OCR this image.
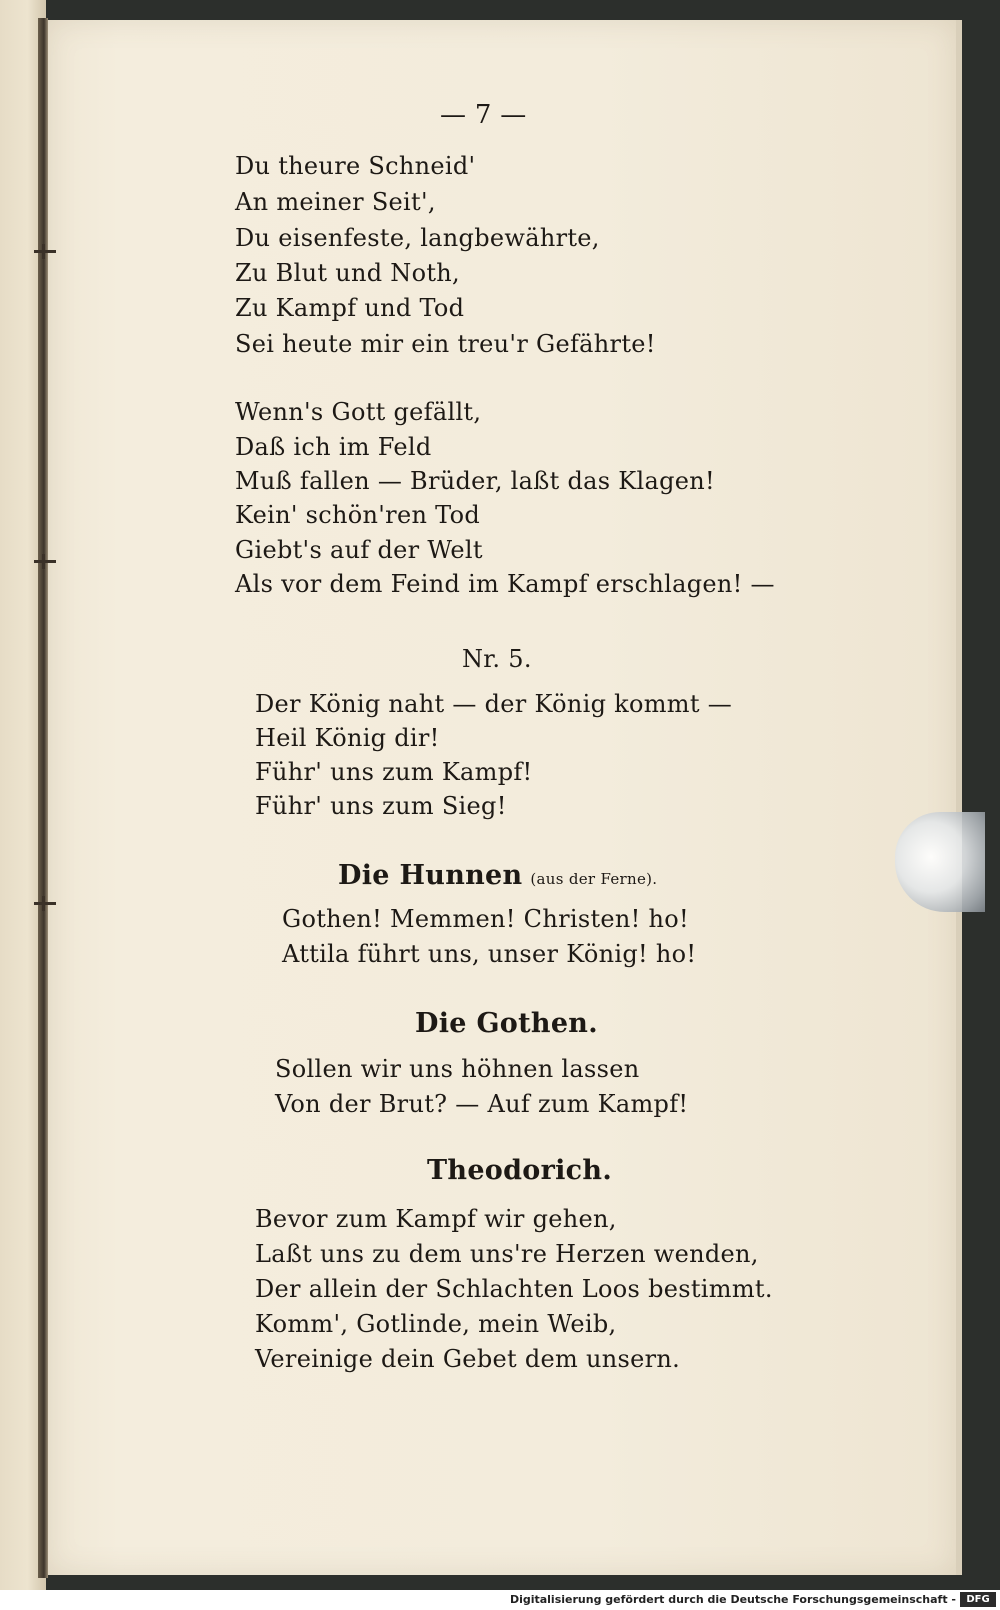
— 7 —
Du theure Schneid'
An meiner Seit',
Du eisenfeste, langbewährte,
Zu Blut und Noth,
Zu Kampf und Tod
Sei heute mir ein treu'r Gefährte!
Wenn's Gott gefällt,
Daß ich im Feld
Muß fallen — Brüder, laßt das Klagen!
Kein' schön'ren Tod
Giebt's auf der Welt
Als vor dem Feind im Kampf erschlagen! —
Nr. 5.
Der König naht — der König kommt —
Heil König dir!
Führ' uns zum Kampf!
Führ' uns zum Sieg!
Die Hunnen (aus der Ferne).
Gothen! Memmen! Christen! ho!
Attila führt uns, unser König! ho!
Die Gothen.
Sollen wir uns höhnen lassen
Von der Brut? — Auf zum Kampf!
Theodorich.
Bevor zum Kampf wir gehen,
Laßt uns zu dem uns're Herzen wenden,
Der allein der Schlachten Loos bestimmt.
Komm', Gotlinde, mein Weib,
Vereinige dein Gebet dem unsern.
Digitalisierung gefördert durch die Deutsche Forschungsgemeinschaft -	DFG
